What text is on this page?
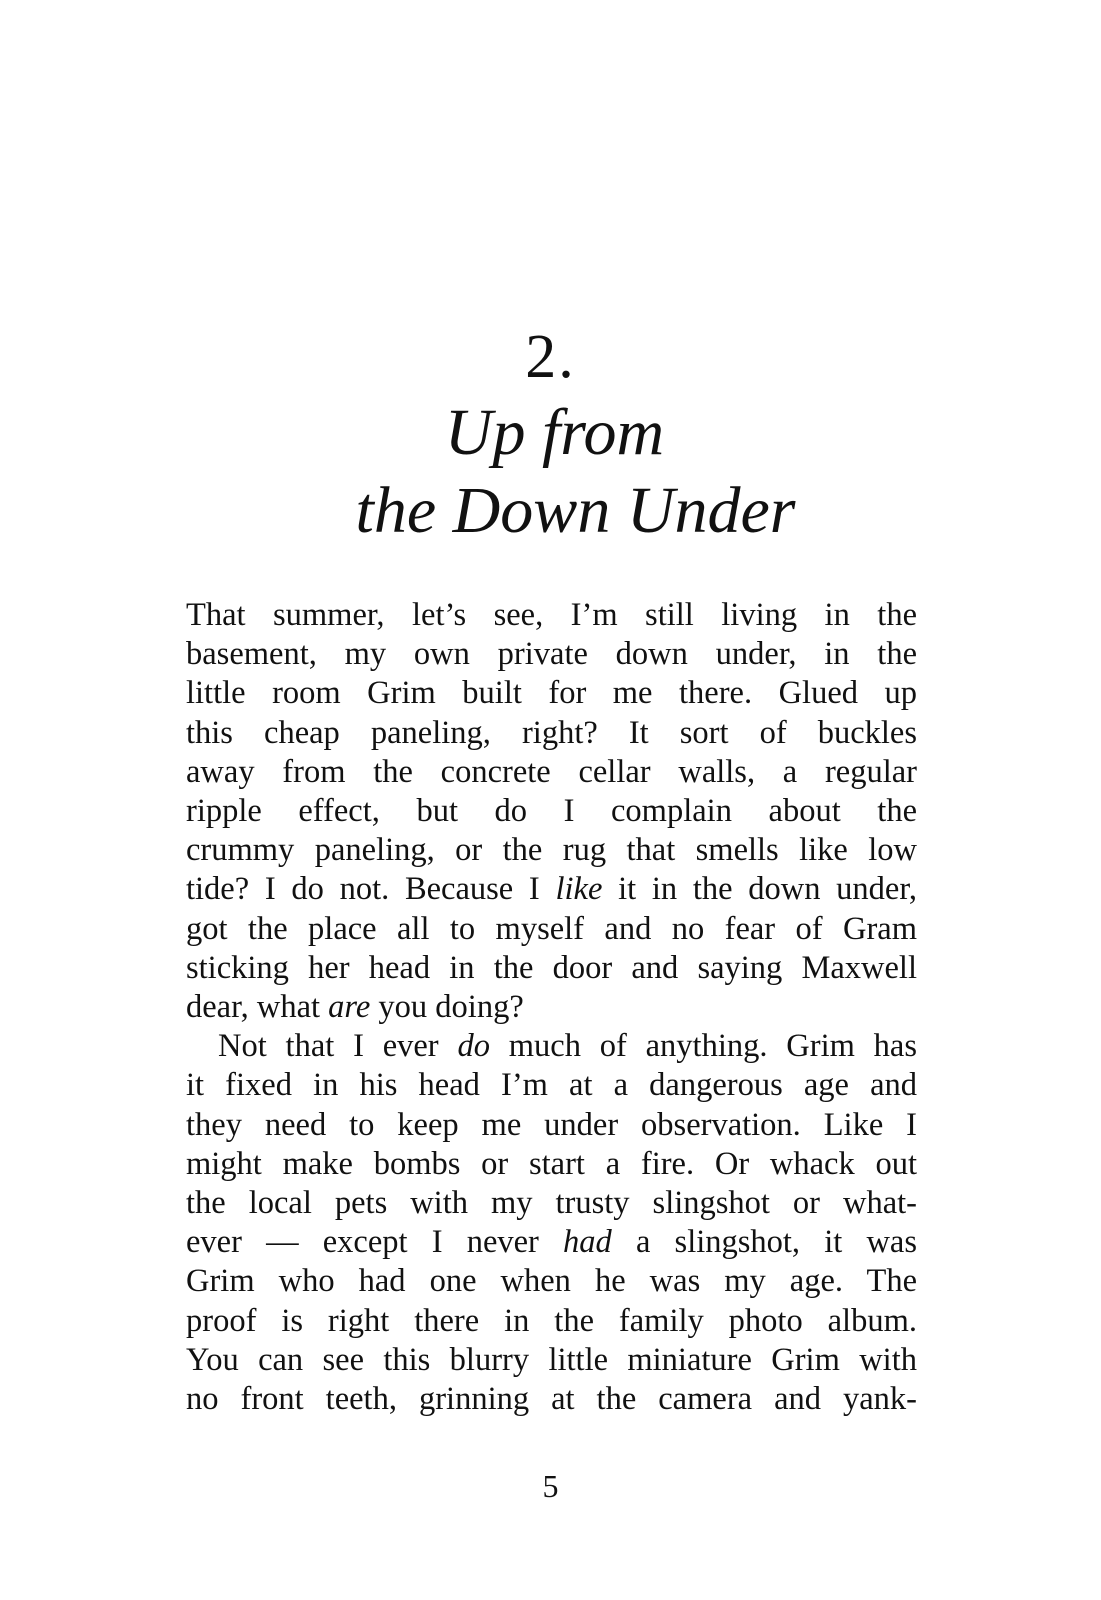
2.
Up from
the Down Under
That summer, let’s see, I’m still living in the
basement, my own private down under, in the
little room Grim built for me there. Glued up
this cheap paneling, right? It sort of buckles
away from the concrete cellar walls, a regular
ripple effect, but do I complain about the
crummy paneling, or the rug that smells like low
tide? I do not. Because I like it in the down under,
got the place all to myself and no fear of Gram
sticking her head in the door and saying Maxwell
dear, what are you doing?
Not that I ever do much of anything. Grim has
it fixed in his head I’m at a dangerous age and
they need to keep me under observation. Like I
might make bombs or start a fire. Or whack out
the local pets with my trusty slingshot or what-
ever — except I never had a slingshot, it was
Grim who had one when he was my age. The
proof is right there in the family photo album.
You can see this blurry little miniature Grim with
no front teeth, grinning at the camera and yank-
5
